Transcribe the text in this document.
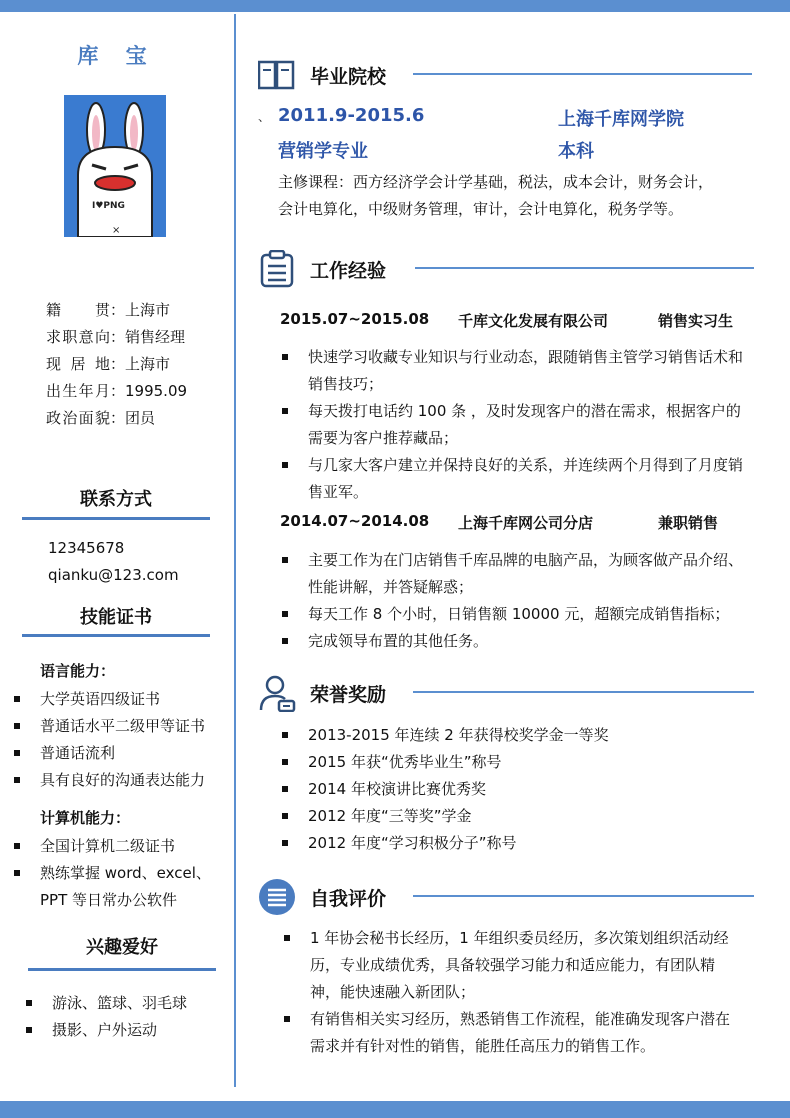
库 宝
I♥PNG
×
籍贯：上海市
求职意向：销售经理
现居地：上海市
出生年月：1995.09
政治面貌：团员
联系方式
12345678
qianku@123.com
技能证书
语言能力：
大学英语四级证书
普通话水平二级甲等证书
普通话流利
具有良好的沟通表达能力
计算机能力：
全国计算机二级证书
熟练掌握 word、excel、
PPT 等日常办公软件
兴趣爱好
游泳、篮球、羽毛球
摄影、户外运动
毕业院校
、 2011.9-2015.6	上海千库网学院
营销学专业	本科
主修课程：西方经济学会计学基础，税法，成本会计，财务会计，
会计电算化，中级财务管理，审计，会计电算化，税务学等。
工作经验
2015.07~2015.08 千库文化发展有限公司	销售实习生
快速学习收藏专业知识与行业动态，跟随销售主管学习销售话术和销售技巧；
每天拨打电话约 100 条 ，及时发现客户的潜在需求，根据客户的需要为客户推荐藏品；
与几家大客户建立并保持良好的关系，并连续两个月得到了月度销售亚军。
2014.07~2014.08 上海千库网公司分店	兼职销售
主要工作为在门店销售千库品牌的电脑产品，为顾客做产品介绍、性能讲解，并答疑解惑；
每天工作 8 个小时，日销售额 10000 元，超额完成销售指标；
完成领导布置的其他任务。
荣誉奖励
2013-2015 年连续 2 年获得校奖学金一等奖
2015 年获“优秀毕业生”称号
2014 年校演讲比赛优秀奖
2012 年度“三等奖”学金
2012 年度“学习积极分子”称号
自我评价
1 年协会秘书长经历，1 年组织委员经历，多次策划组织活动经历，专业成绩优秀，具备较强学习能力和适应能力，有团队精神，能快速融入新团队；
有销售相关实习经历，熟悉销售工作流程，能准确发现客户潜在需求并有针对性的销售，能胜任高压力的销售工作。
